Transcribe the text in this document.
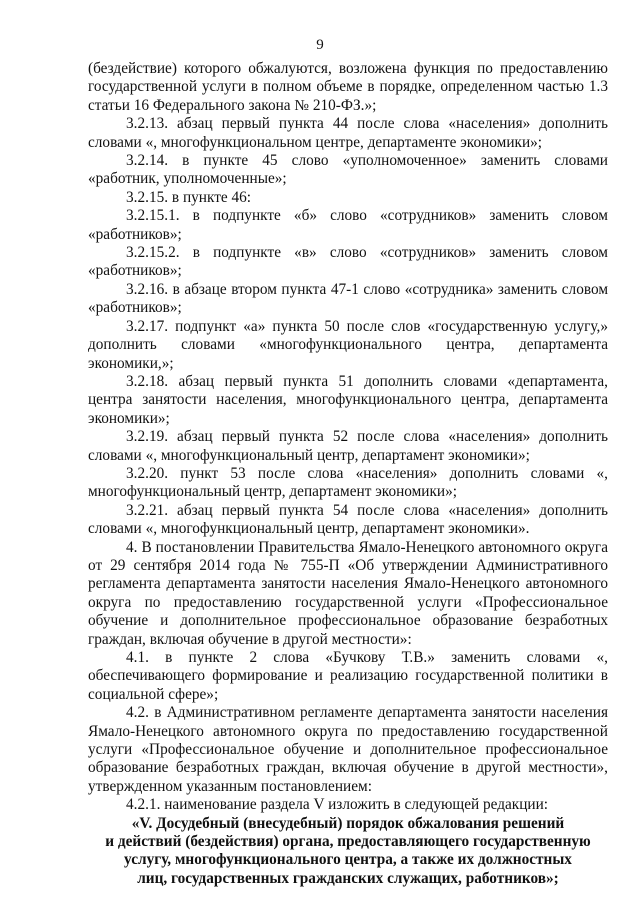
9

(бездействие) которого обжалуются, возложена функция по предоставлению государственной услуги в полном объеме в порядке, определенном частью 1.3 статьи 16 Федерального закона № 210-ФЗ.»;

3.2.13. абзац первый пункта 44 после слова «населения» дополнить словами «, многофункциональном центре, департаменте экономики»;

3.2.14. в пункте 45 слово «уполномоченное» заменить словами «работник, уполномоченные»;

3.2.15. в пункте 46:

3.2.15.1. в подпункте «б» слово «сотрудников» заменить словом «работников»;

3.2.15.2. в подпункте «в» слово «сотрудников» заменить словом «работников»;

3.2.16. в абзаце втором пункта 47-1 слово «сотрудника» заменить словом «работников»;

3.2.17. подпункт «а» пункта 50 после слов «государственную услугу,» дополнить словами «многофункционального центра, департамента экономики,»;

3.2.18. абзац первый пункта 51 дополнить словами «департамента, центра занятости населения, многофункционального центра, департамента экономики»;

3.2.19. абзац первый пункта 52 после слова «населения» дополнить словами «, многофункциональный центр, департамент экономики»;

3.2.20. пункт 53 после слова «населения» дополнить словами «, многофункциональный центр, департамент экономики»;

3.2.21. абзац первый пункта 54 после слова «населения» дополнить словами «, многофункциональный центр, департамент экономики».

4. В постановлении Правительства Ямало-Ненецкого автономного округа от 29 сентября 2014 года № 755-П «Об утверждении Административного регламента департамента занятости населения Ямало-Ненецкого автономного округа по предоставлению государственной услуги «Профессиональное обучение и дополнительное профессиональное образование безработных граждан, включая обучение в другой местности»:

4.1. в пункте 2 слова «Бучкову Т.В.» заменить словами «, обеспечивающего формирование и реализацию государственной политики в социальной сфере»;

4.2. в Административном регламенте департамента занятости населения Ямало-Ненецкого автономного округа по предоставлению государственной услуги «Профессиональное обучение и дополнительное профессиональное образование безработных граждан, включая обучение в другой местности», утвержденном указанным постановлением:

4.2.1. наименование раздела V изложить в следующей редакции:

«V. Досудебный (внесудебный) порядок обжалования решений

и действий (бездействия) органа, предоставляющего государственную

услугу, многофункционального центра, а также их должностных

лиц, государственных гражданских служащих, работников»;
